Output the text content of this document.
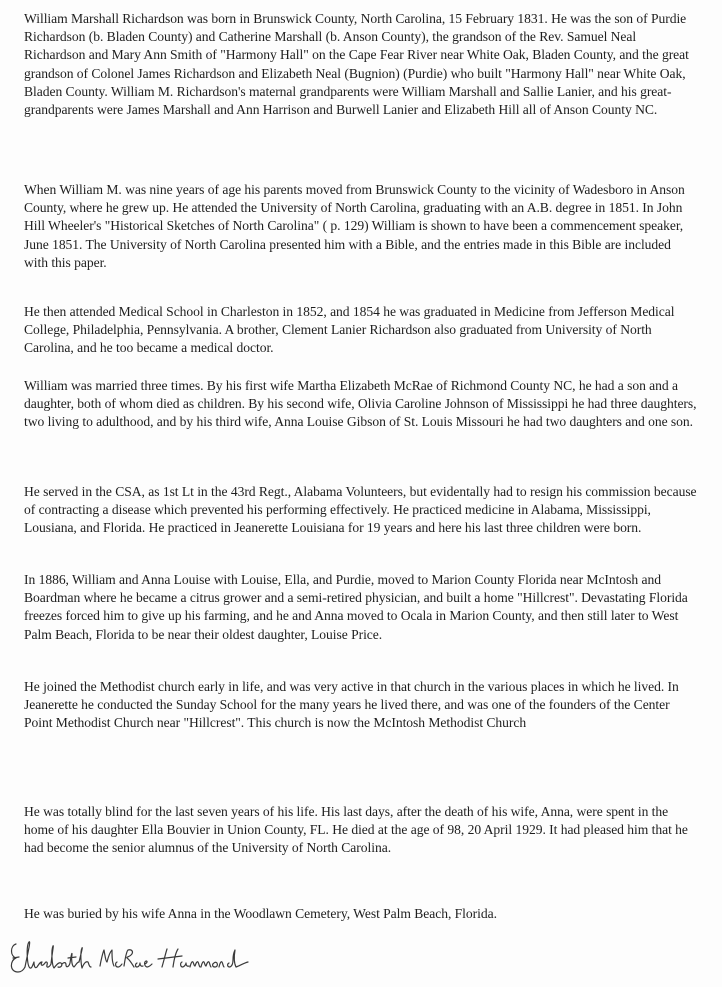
William Marshall Richardson was born in Brunswick County, North Carolina, 15 February 1831. He was the son of Purdie Richardson (b. Bladen County) and Catherine Marshall (b. Anson County), the grandson of the Rev. Samuel Neal Richardson and Mary Ann Smith of "Harmony Hall" on the Cape Fear River near White Oak, Bladen County, and the great grandson of Colonel James Richardson and Elizabeth Neal (Bugnion) (Purdie) who built "Harmony Hall" near White Oak, Bladen County. William M. Richardson's maternal grandparents were William Marshall and Sallie Lanier, and his great-grandparents were James Marshall and Ann Harrison and Burwell Lanier and Elizabeth Hill all of Anson County NC.

When William M. was nine years of age his parents moved from Brunswick County to the vicinity of Wadesboro in Anson County, where he grew up. He attended the University of North Carolina, graduating with an A.B. degree in 1851. In John Hill Wheeler's "Historical Sketches of North Carolina" ( p. 129) William is shown to have been a commencement speaker, June 1851. The University of North Carolina presented him with a Bible, and the entries made in this Bible are included with this paper.

He then attended Medical School in Charleston in 1852, and 1854 he was graduated in Medicine from Jefferson Medical College, Philadelphia, Pennsylvania. A brother, Clement Lanier Richardson also graduated from University of North Carolina, and he too became a medical doctor.

William was married three times. By his first wife Martha Elizabeth McRae of Richmond County NC, he had a son and a daughter, both of whom died as children. By his second wife, Olivia Caroline Johnson of Mississippi he had three daughters, two living to adulthood, and by his third wife, Anna Louise Gibson of St. Louis Missouri he had two daughters and one son.

He served in the CSA, as 1st Lt in the 43rd Regt., Alabama Volunteers, but evidentally had to resign his commission because of contracting a disease which prevented his performing effectively. He practiced medicine in Alabama, Mississippi, Lousiana, and Florida. He practiced in Jeanerette Louisiana for 19 years and here his last three children were born.

In 1886, William and Anna Louise with Louise, Ella, and Purdie, moved to Marion County Florida near McIntosh and Boardman where he became a citrus grower and a semi-retired physician, and built a home "Hillcrest". Devastating Florida freezes forced him to give up his farming, and he and Anna moved to Ocala in Marion County, and then still later to West Palm Beach, Florida to be near their oldest daughter, Louise Price.

He joined the Methodist church early in life, and was very active in that church in the various places in which he lived. In Jeanerette he conducted the Sunday School for the many years he lived there, and was one of the founders of the Center Point Methodist Church near "Hillcrest". This church is now the McIntosh Methodist Church

He was totally blind for the last seven years of his life. His last days, after the death of his wife, Anna, were spent in the home of his daughter Ella Bouvier in Union County, FL. He died at the age of 98, 20 April 1929. It had pleased him that he had become the senior alumnus of the University of North Carolina.

He was buried by his wife Anna in the Woodlawn Cemetery, West Palm Beach, Florida.
